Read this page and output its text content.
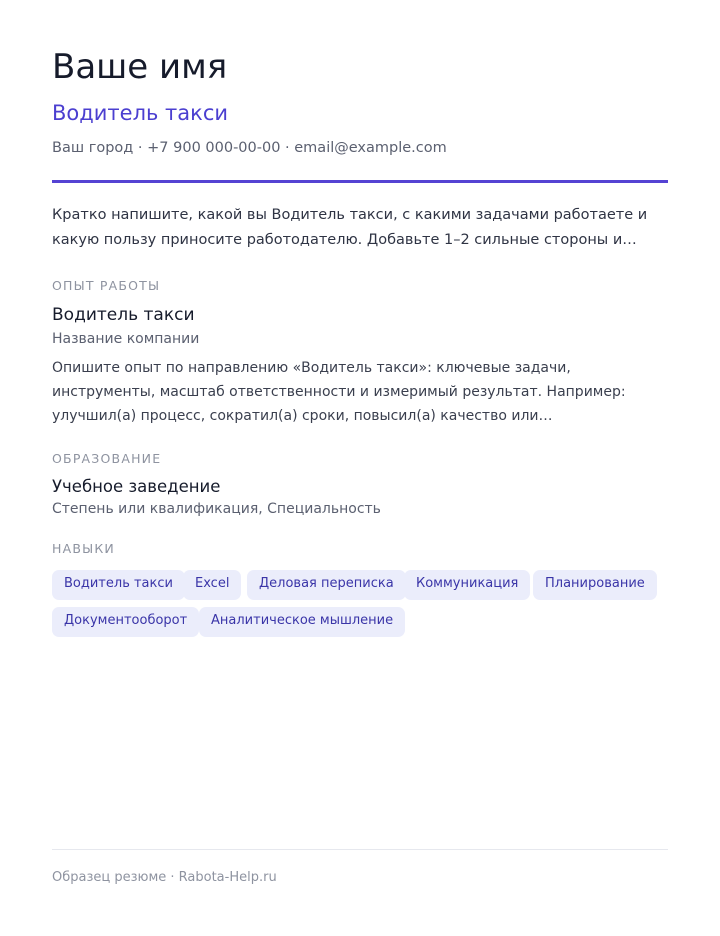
Ваше имя
Водитель такси
Ваш город · +7 900 000-00-00 · email@example.com
Кратко напишите, какой вы Водитель такси, с какими задачами работаете и какую пользу приносите работодателю. Добавьте 1–2 сильные стороны и…
ОПЫТ РАБОТЫ
Водитель такси
Название компании
Опишите опыт по направлению «Водитель такси»: ключевые задачи, инструменты, масштаб ответственности и измеримый результат. Например: улучшил(а) процесс, сократил(а) сроки, повысил(а) качество или…
ОБРАЗОВАНИЕ
Учебное заведение
Степень или квалификация, Специальность
НАВЫКИ
Водитель такси	Excel	Деловая переписка	Коммуникация	Планирование
Документооборот	Аналитическое мышление
Образец резюме · Rabota-Help.ru
